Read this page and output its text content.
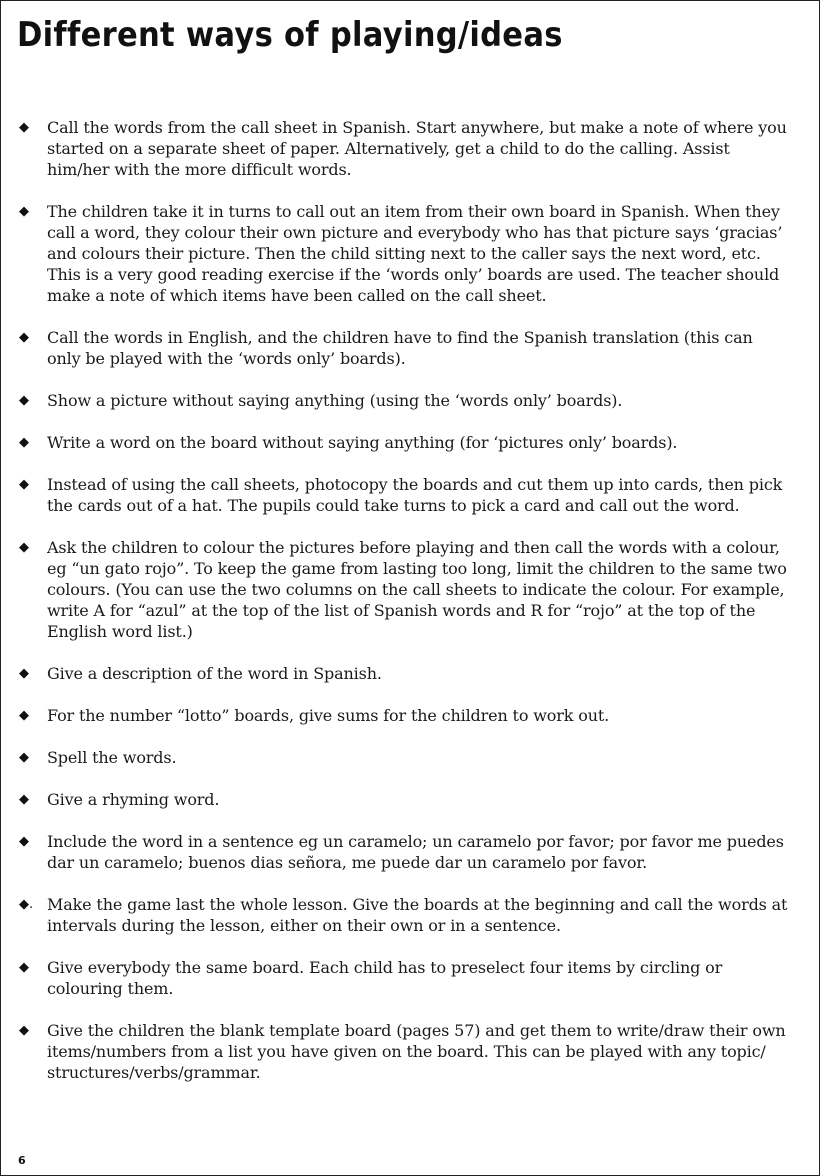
Different ways of playing/ideas
◆	Call the words from the call sheet in Spanish. Start anywhere, but make a note of where you started on a separate sheet of paper. Alternatively, get a child to do the calling. Assist him/her with the more difficult words.
◆	The children take it in turns to call out an item from their own board in Spanish. When they call a word, they colour their own picture and everybody who has that picture says ‘gracias’ and colours their picture. Then the child sitting next to the caller says the next word, etc. This is a very good reading exercise if the ‘words only’ boards are used. The teacher should make a note of which items have been called on the call sheet.
◆	Call the words in English, and the children have to find the Spanish translation (this can only be played with the ‘words only’ boards).
◆	Show a picture without saying anything (using the ‘words only’ boards).
◆	Write a word on the board without saying anything (for ‘pictures only’ boards).
◆	Instead of using the call sheets, photocopy the boards and cut them up into cards, then pick the cards out of a hat. The pupils could take turns to pick a card and call out the word.
◆	Ask the children to colour the pictures before playing and then call the words with a colour, eg “un gato rojo”. To keep the game from lasting too long, limit the children to the same two colours. (You can use the two columns on the call sheets to indicate the colour. For example, write A for “azul” at the top of the list of Spanish words and R for “rojo” at the top of the English word list.)
◆	Give a description of the word in Spanish.
◆	For the number “lotto” boards, give sums for the children to work out.
◆	Spell the words.
◆	Give a rhyming word.
◆	Include the word in a sentence eg un caramelo; un caramelo por favor; por favor me puedes dar un caramelo; buenos dias señora, me puede dar un caramelo por favor.
◆. Make the game last the whole lesson. Give the boards at the beginning and call the words at intervals during the lesson, either on their own or in a sentence.
◆	Give everybody the same board. Each child has to preselect four items by circling or colouring them.
◆	Give the children the blank template board (pages 57) and get them to write/draw their own items/numbers from a list you have given on the board. This can be played with any topic/ structures/verbs/grammar.
6
